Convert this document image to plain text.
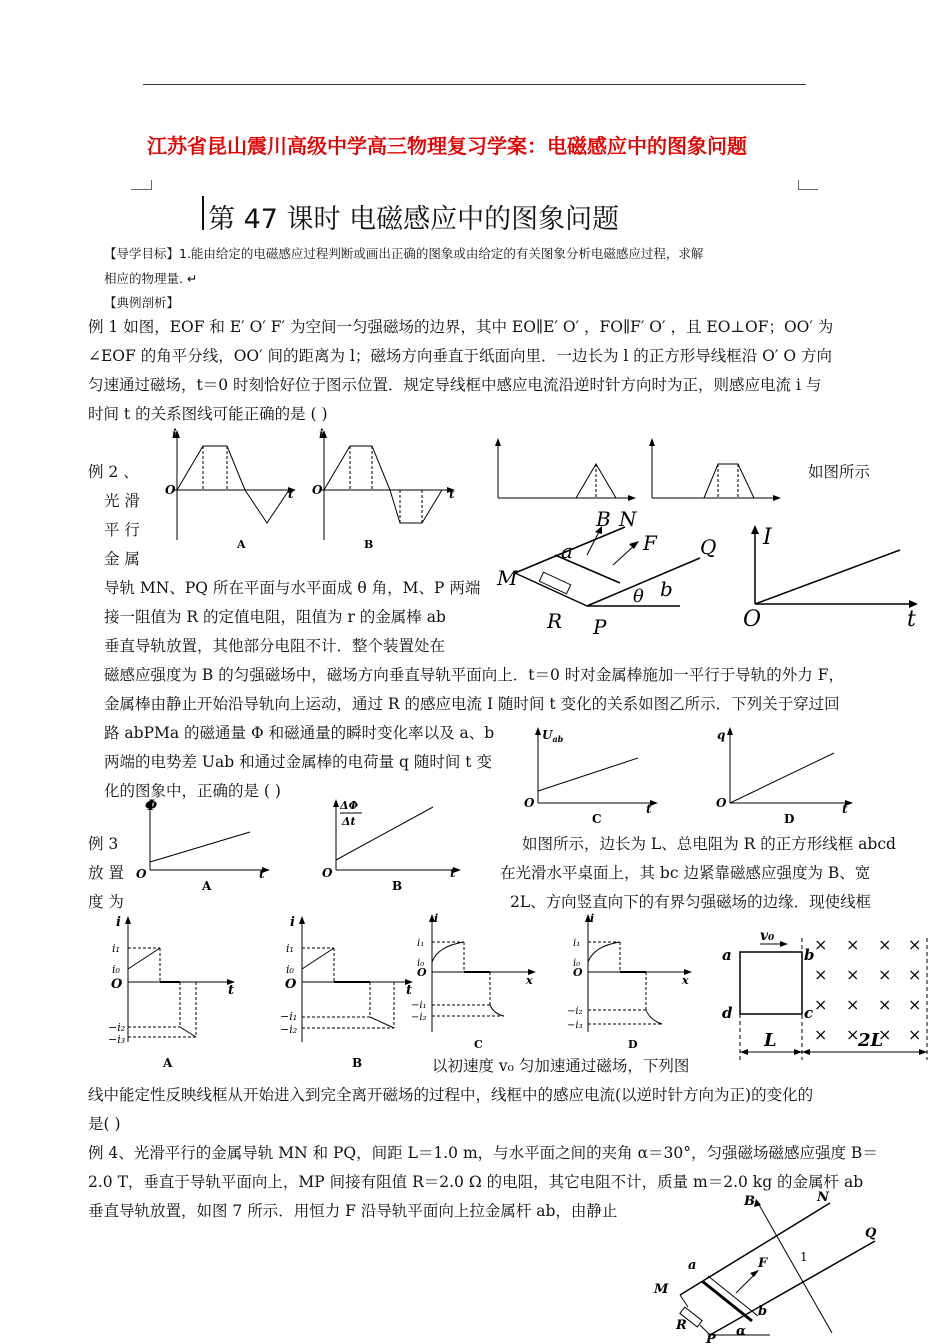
江苏省昆山震川高级中学高三物理复习学案：电磁感应中的图象问题
第 47 课时 电磁感应中的图象问题
【导学目标】1.能由给定的电磁感应过程判断或画出正确的图象或由给定的有关图象分析电磁感应过程，求解
相应的物理量. ↵
【典例剖析】
例 1 如图，EOF 和 E′ O′ F′ 为空间一匀强磁场的边界，其中 EO∥E′ O′ ，FO∥F′ O′ ，且 EO⊥OF；OO′ 为
∠EOF 的角平分线，OO′ 间的距离为 l；磁场方向垂直于纸面向里．一边长为 l 的正方形导线框沿 O′ O 方向
匀速通过磁场，t＝0 时刻恰好位于图示位置．规定导线框中感应电流沿逆时针方向时为正，则感应电流 i 与
时间 t 的关系图线可能正确的是 ( )
例 2 、
光 滑
平 行
金 属
如图所示
i
O	t
A
i
O	t
B
B N
F Q
a
b
M
R P
θ
I
O	t
导轨 MN、PQ 所在平面与水平面成 θ 角，M、P 两端
接一阻值为 R 的定值电阻，阻值为 r 的金属棒 ab
垂直导轨放置，其他部分电阻不计．整个装置处在
磁感应强度为 B 的匀强磁场中，磁场方向垂直导轨平面向上．t＝0 时对金属棒施加一平行于导轨的外力 F，
金属棒由静止开始沿导轨向上运动，通过 R 的感应电流 I 随时间 t 变化的关系如图乙所示．下列关于穿过回
路 abPMa 的磁通量 Φ 和磁通量的瞬时变化率以及 a、b
两端的电势差 Uab 和通过金属棒的电荷量 q 随时间 t 变
化的图象中，正确的是 ( )
$U_{ab}$
O	t
C
q
O	t
D
Φ
O	t
A
ΔΦ
Δt
O	t
B
例 3
放 置
度 为
如图所示，边长为 L、总电阻为 R 的正方形线框 abcd
在光滑水平桌面上，其 bc 边紧靠磁感应强度为 B、宽
2L、方向竖直向下的有界匀强磁场的边缘．现使线框
i
i₁
i₀
O	t
−i₂
−i₃
A
i
i₁
i₀
O	t
−i₁
−i₂
B
i
i₁
i₀
O
x
−i₁
−i₂
C
i
i₁
i₀
O
x
−i₂
−i₃
D
× × × ×
× × × ×
× × × ×
× × × ×
a	b
c
d
v₀
L	2L
以初速度 v₀ 匀加速通过磁场，下列图
线中能定性反映线框从开始进入到完全离开磁场的过程中，线框中的感应电流(以逆时针方向为正)的变化的
是( )
例 4、光滑平行的金属导轨 MN 和 PQ，间距 L＝1.0 m，与水平面之间的夹角 α＝30°，匀强磁场磁感应强度 B＝
2.0 T，垂直于导轨平面向上，MP 间接有阻值 R＝2.0 Ω 的电阻，其它电阻不计，质量 m＝2.0 kg 的金属杆 ab
垂直导轨放置，如图 7 所示．用恒力 F 沿导轨平面向上拉金属杆 ab，由静止
B	N
Q
a	F	1
M
b
R
P
α
